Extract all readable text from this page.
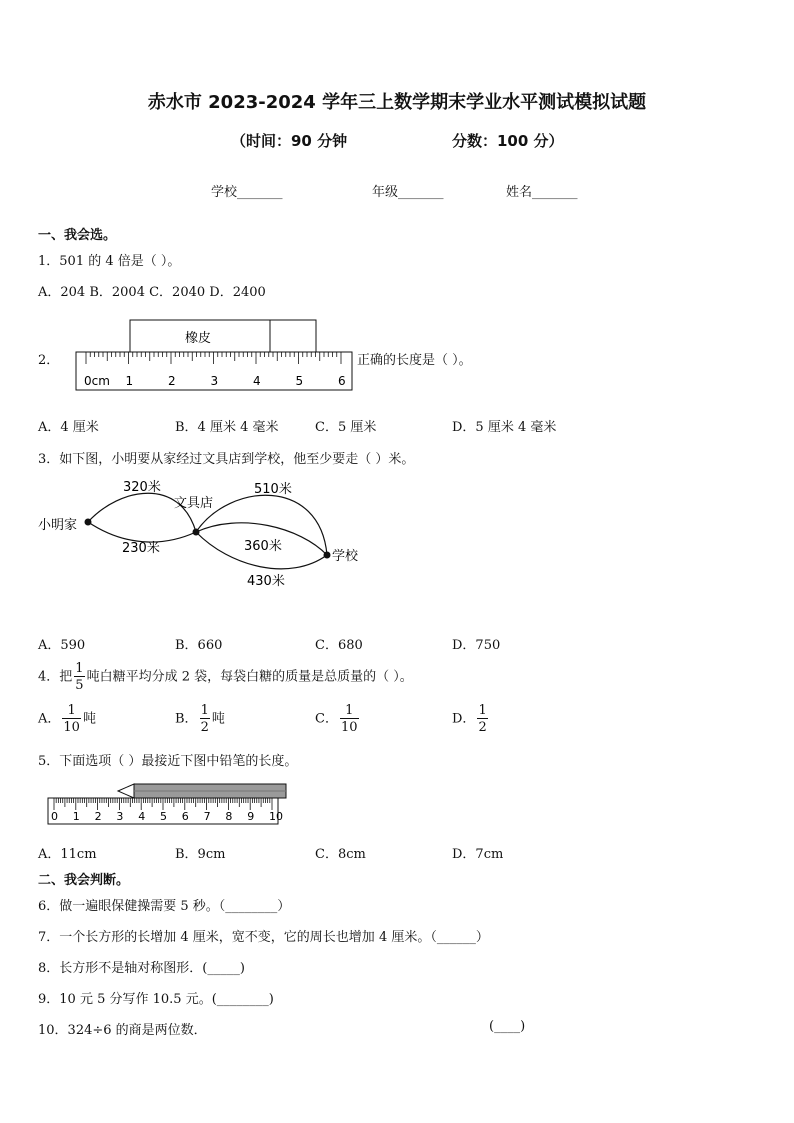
赤水市 2023-2024 学年三上数学期末学业水平测试模拟试题
（时间：90 分钟	分数：100 分）
学校_______	年级_______	姓名_______
一、我会选。
1．501 的 4 倍是（ ）。
A．204 B．2004 C．2040 D．2400
2．
橡皮
0cm 1	2	3	4	5	6
正确的长度是（ ）。
A．4 厘米	B．4 厘米 4 毫米	C．5 厘米	D．5 厘米 4 毫米
3．如下图，小明要从家经过文具店到学校，他至少要走（ ）米。
小明家
文具店
学校
320米
230米
510米
360米
430米
A．590	B．660	C．680	D．750
4．把 $\frac{1}{5}$ 吨白糖平均分成 2 袋，每袋白糖的质量是总质量的（ ）。
A． $\frac{1}{10}$ 吨	B． $\frac{1}{2}$ 吨	C． $\frac{1}{10}$	D． $\frac{1}{2}$
5．下面选项（ ）最接近下图中铅笔的长度。
0 1 2 3 4 5 6 7 8 9 10
A．11cm	B．9cm	C．8cm	D．7cm
二、我会判断。
6．做一遍眼保健操需要 5 秒。（________）
7．一个长方形的长增加 4 厘米，宽不变，它的周长也增加 4 厘米。（______）
8．长方形不是轴对称图形．(_____)
9．10 元 5 分写作 10.5 元。(________)
10．324÷6 的商是两位数．	(____)
